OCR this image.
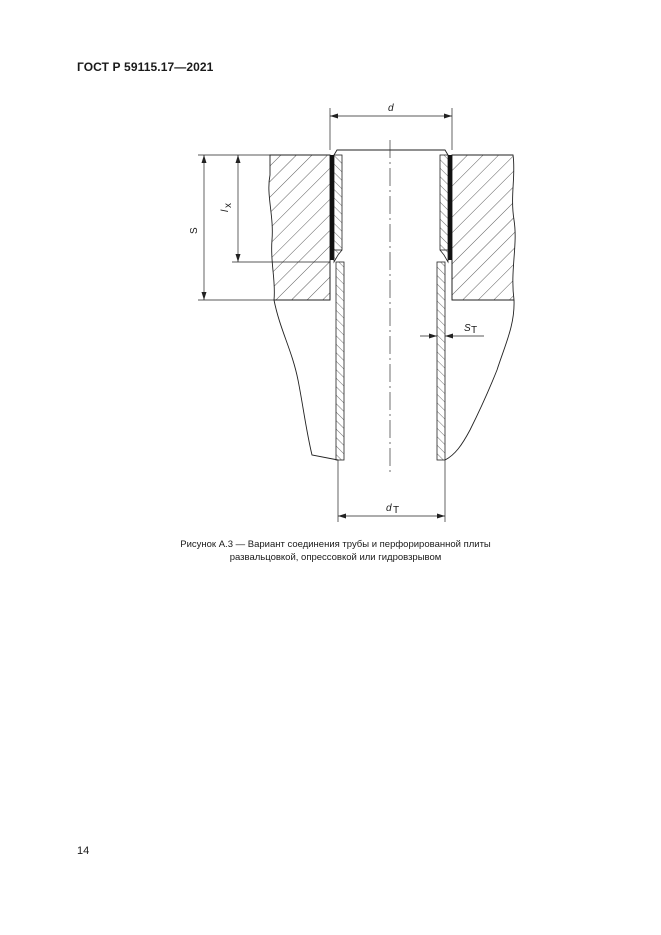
ГОСТ Р 59115.17—2021
d
S
l
x
S T
d T
Рисунок А.3 — Вариант соединения трубы и перфорированной плиты
развальцовкой, опрессовкой или гидровзрывом
14
